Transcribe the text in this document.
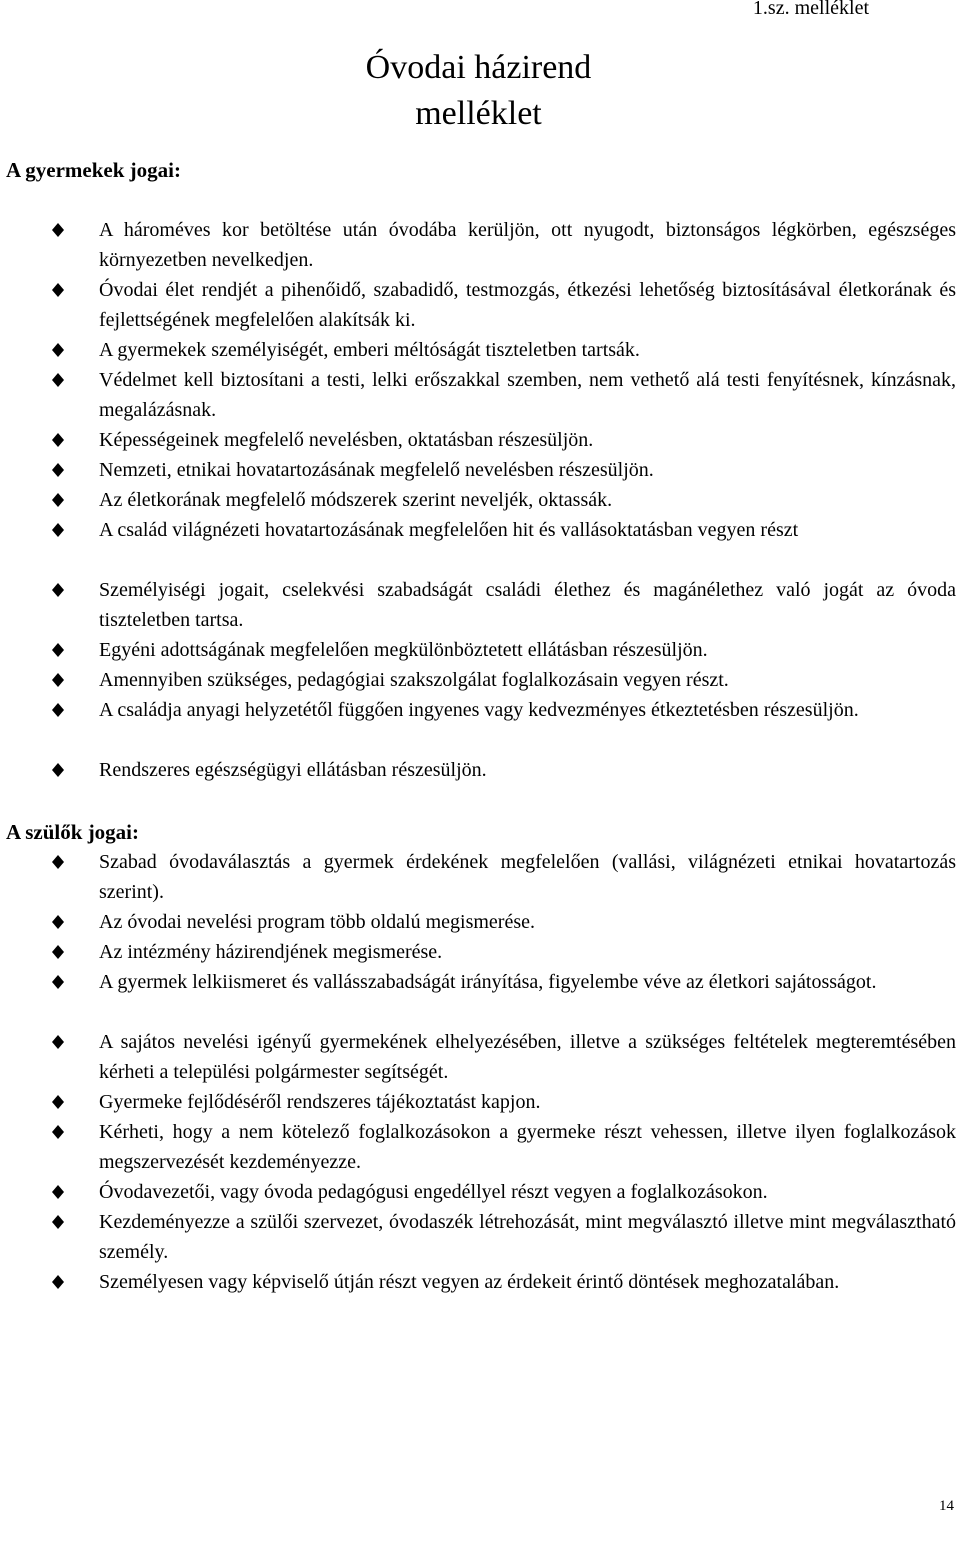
1.sz. melléklet
Óvodai házirend
melléklet
A gyermekek jogai:
A hároméves kor betöltése után óvodába kerüljön, ott nyugodt, biztonságos légkörben, egészséges környezetben nevelkedjen.
Óvodai élet rendjét a pihenőidő, szabadidő, testmozgás, étkezési lehetőség biztosításával életkorának és fejlettségének megfelelően alakítsák ki.
A gyermekek személyiségét, emberi méltóságát tiszteletben tartsák.
Védelmet kell biztosítani a testi, lelki erőszakkal szemben, nem vethető alá testi fenyítésnek, kínzásnak, megalázásnak.
Képességeinek megfelelő nevelésben, oktatásban részesüljön.
Nemzeti, etnikai hovatartozásának megfelelő nevelésben részesüljön.
Az életkorának megfelelő módszerek szerint neveljék, oktassák.
A család világnézeti hovatartozásának megfelelően hit és vallásoktatásban vegyen részt
Személyiségi jogait, cselekvési szabadságát családi élethez és magánélethez való jogát az óvoda tiszteletben tartsa.
Egyéni adottságának megfelelően megkülönböztetett ellátásban részesüljön.
Amennyiben szükséges, pedagógiai szakszolgálat foglalkozásain vegyen részt.
A családja anyagi helyzetétől függően ingyenes vagy kedvezményes étkeztetésben részesüljön.
Rendszeres egészségügyi ellátásban részesüljön.
A szülők jogai:
Szabad óvodaválasztás a gyermek érdekének megfelelően (vallási, világnézeti etnikai hovatartozás szerint).
Az óvodai nevelési program több oldalú megismerése.
Az intézmény házirendjének megismerése.
A gyermek lelkiismeret és vallásszabadságát irányítása, figyelembe véve az életkori sajátosságot.
A sajátos nevelési igényű gyermekének elhelyezésében, illetve a szükséges feltételek megteremtésében kérheti a települési polgármester segítségét.
Gyermeke fejlődéséről rendszeres tájékoztatást kapjon.
Kérheti, hogy a nem kötelező foglalkozásokon a gyermeke részt vehessen, illetve ilyen foglalkozások megszervezését kezdeményezze.
Óvodavezetői, vagy óvoda pedagógusi engedéllyel részt vegyen a foglalkozásokon.
Kezdeményezze a szülői szervezet, óvodaszék létrehozását, mint megválasztó illetve mint megválasztható személy.
Személyesen vagy képviselő útján részt vegyen az érdekeit érintő döntések meghozatalában.
14
